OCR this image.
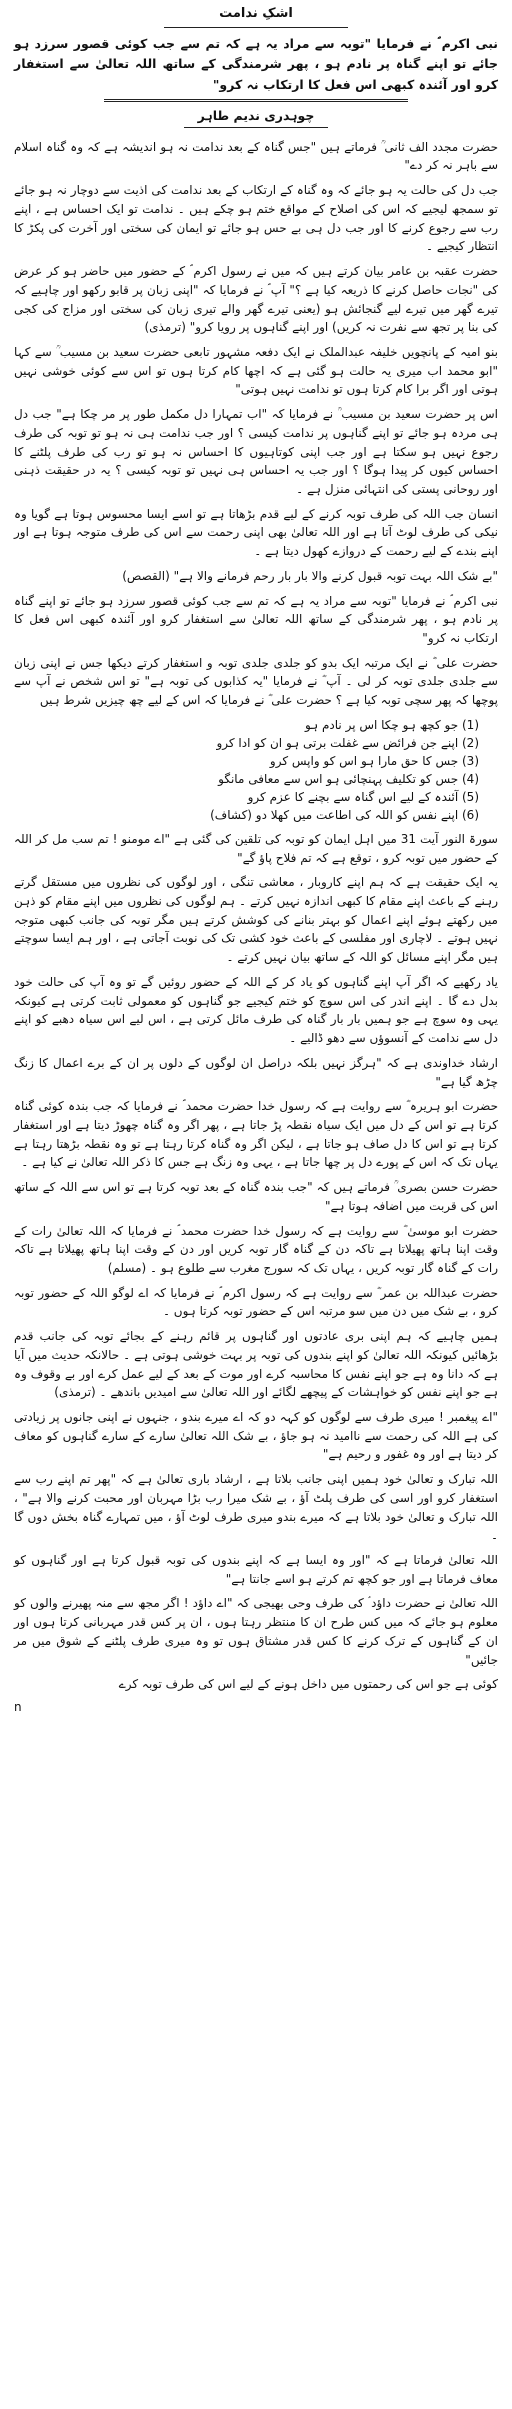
اشکِ ندامت

نبی اکرم ؐ نے فرمایا "توبہ سے مراد یہ ہے کہ تم سے جب کوئی قصور سرزد ہو جائے تو اپنے گناہ پر نادم ہو ، پھر شرمندگی کے ساتھ اللہ تعالیٰ سے استغفار کرو اور آئندہ کبھی اس فعل کا ارتکاب نہ کرو"

چوہدری ندیم طاہر

حضرت مجدد الف ثانی ؒ فرماتے ہیں "جس گناہ کے بعد ندامت نہ ہو اندیشہ ہے کہ وہ گناہ اسلام سے باہر نہ کر دے"

جب دل کی حالت یہ ہو جائے کہ وہ گناہ کے ارتکاب کے بعد ندامت کی اذیت سے دوچار نہ ہو جائے تو سمجھ لیجیے کہ اس کی اصلاح کے مواقع ختم ہو چکے ہیں ۔ ندامت تو ایک احساس ہے ، اپنے رب سے رجوع کرنے کا اور جب دل ہی بے حس ہو جائے تو ایمان کی سختی اور آخرت کی پکڑ کا انتظار کیجیے ۔

حضرت عقبہ بن عامر بیان کرتے ہیں کہ میں نے رسول اکرم ؐ کے حضور میں حاضر ہو کر عرض کی "نجات حاصل کرنے کا ذریعہ کیا ہے ؟" آپ ؐ نے فرمایا کہ "اپنی زبان پر قابو رکھو اور چاہیے کہ تیرے گھر میں تیرے لیے گنجائش ہو (یعنی تیرے گھر والے تیری زبان کی سختی اور مزاج کی کجی کی بنا پر تجھ سے نفرت نہ کریں) اور اپنے گناہوں پر رویا کرو" (ترمذی)

بنو امیہ کے پانچویں خلیفہ عبدالملک نے ایک دفعہ مشہور تابعی حضرت سعید بن مسیب ؒ سے کہا "ابو محمد اب میری یہ حالت ہو گئی ہے کہ اچھا کام کرتا ہوں تو اس سے کوئی خوشی نہیں ہوتی اور اگر برا کام کرتا ہوں تو ندامت نہیں ہوتی"

اس پر حضرت سعید بن مسیب ؒ نے فرمایا کہ "اب تمہارا دل مکمل طور پر مر چکا ہے" جب دل ہی مردہ ہو جائے تو اپنے گناہوں پر ندامت کیسی ؟ اور جب ندامت ہی نہ ہو تو توبہ کی طرف رجوع نہیں ہو سکتا ہے اور جب اپنی کوتاہیوں کا احساس نہ ہو تو رب کی طرف پلٹنے کا احساس کیوں کر پیدا ہوگا ؟ اور جب یہ احساس ہی نہیں تو توبہ کیسی ؟ یہ در حقیقت ذہنی اور روحانی پستی کی انتہائی منزل ہے ۔

انسان جب اللہ کی طرف توبہ کرنے کے لیے قدم بڑھاتا ہے تو اسے ایسا محسوس ہوتا ہے گویا وہ نیکی کی طرف لوٹ آتا ہے اور اللہ تعالیٰ بھی اپنی رحمت سے اس کی طرف متوجہ ہوتا ہے اور اپنے بندے کے لیے رحمت کے دروازے کھول دیتا ہے ۔

"بے شک اللہ بہت توبہ قبول کرنے والا بار بار رحم فرمانے والا ہے" (القصص)

نبی اکرم ؐ نے فرمایا "توبہ سے مراد یہ ہے کہ تم سے جب کوئی قصور سرزد ہو جائے تو اپنے گناہ پر نادم ہو ، پھر شرمندگی کے ساتھ اللہ تعالیٰ سے استغفار کرو اور آئندہ کبھی اس فعل کا ارتکاب نہ کرو"

حضرت علی ؓ نے ایک مرتبہ ایک بدو کو جلدی جلدی توبہ و استغفار کرتے دیکھا جس نے اپنی زبان سے جلدی جلدی توبہ کر لی ۔ آپ ؓ نے فرمایا "یہ کذابوں کی توبہ ہے" تو اس شخص نے آپ سے پوچھا کہ پھر سچی توبہ کیا ہے ؟ حضرت علی ؓ نے فرمایا کہ اس کے لیے چھ چیزیں شرط ہیں

(1) جو کچھ ہو چکا اس پر نادم ہو
(2) اپنے جن فرائض سے غفلت برتی ہو ان کو ادا کرو
(3) جس کا حق مارا ہو اس کو واپس کرو
(4) جس کو تکلیف پہنچائی ہو اس سے معافی مانگو
(5) آئندہ کے لیے اس گناہ سے بچنے کا عزم کرو
(6) اپنے نفس کو اللہ کی اطاعت میں کھلا دو (کشاف)

سورۃ النور آیت 31 میں اہل ایمان کو توبہ کی تلقین کی گئی ہے "اے مومنو ! تم سب مل کر اللہ کے حضور میں توبہ کرو ، توقع ہے کہ تم فلاح پاؤ گے"

یہ ایک حقیقت ہے کہ ہم اپنے کاروبار ، معاشی تنگی ، اور لوگوں کی نظروں میں مستقل گرتے رہنے کے باعث اپنے مقام کا کبھی اندازہ نہیں کرتے ۔ ہم لوگوں کی نظروں میں اپنے مقام کو ذہن میں رکھتے ہوئے اپنے اعمال کو بہتر بنانے کی کوشش کرتے ہیں مگر توبہ کی جانب کبھی متوجہ نہیں ہوتے ۔ لاچاری اور مفلسی کے باعث خود کشی تک کی نوبت آجاتی ہے ، اور ہم ایسا سوچتے ہیں مگر اپنے مسائل کو اللہ کے ساتھ بیان نہیں کرتے ۔

یاد رکھیے کہ اگر آپ اپنے گناہوں کو یاد کر کے اللہ کے حضور روئیں گے تو وہ آپ کی حالت خود بدل دے گا ۔ اپنے اندر کی اس سوچ کو ختم کیجیے جو گناہوں کو معمولی ثابت کرتی ہے کیونکہ یہی وہ سوچ ہے جو ہمیں بار بار گناہ کی طرف مائل کرتی ہے ، اس لیے اس سیاہ دھبے کو اپنے دل سے ندامت کے آنسوؤں سے دھو ڈالیے ۔

ارشاد خداوندی ہے کہ "ہرگز نہیں بلکہ دراصل ان لوگوں کے دلوں پر ان کے برے اعمال کا زنگ چڑھ گیا ہے"

حضرت ابو ہریرہ ؓ سے روایت ہے کہ رسول خدا حضرت محمد ؐ نے فرمایا کہ جب بندہ کوئی گناہ کرتا ہے تو اس کے دل میں ایک سیاہ نقطہ پڑ جاتا ہے ، پھر اگر وہ گناہ چھوڑ دیتا ہے اور استغفار کرتا ہے تو اس کا دل صاف ہو جاتا ہے ، لیکن اگر وہ گناہ کرتا رہتا ہے تو وہ نقطہ بڑھتا رہتا ہے یہاں تک کہ اس کے پورے دل پر چھا جاتا ہے ، یہی وہ زنگ ہے جس کا ذکر اللہ تعالیٰ نے کیا ہے ۔

حضرت حسن بصری ؒ فرماتے ہیں کہ "جب بندہ گناہ کے بعد توبہ کرتا ہے تو اس سے اللہ کے ساتھ اس کی قربت میں اضافہ ہوتا ہے"

حضرت ابو موسیٰ ؓ سے روایت ہے کہ رسول خدا حضرت محمد ؐ نے فرمایا کہ اللہ تعالیٰ رات کے وقت اپنا ہاتھ پھیلاتا ہے تاکہ دن کے گناہ گار توبہ کریں اور دن کے وقت اپنا ہاتھ پھیلاتا ہے تاکہ رات کے گناہ گار توبہ کریں ، یہاں تک کہ سورج مغرب سے طلوع ہو ۔ (مسلم)

حضرت عبداللہ بن عمر ؓ سے روایت ہے کہ رسول اکرم ؐ نے فرمایا کہ اے لوگو اللہ کے حضور توبہ کرو ، بے شک میں دن میں سو مرتبہ اس کے حضور توبہ کرتا ہوں ۔

ہمیں چاہیے کہ ہم اپنی بری عادتوں اور گناہوں پر قائم رہنے کے بجائے توبہ کی جانب قدم بڑھائیں کیونکہ اللہ تعالیٰ کو اپنے بندوں کی توبہ پر بہت خوشی ہوتی ہے ۔ حالانکہ حدیث میں آیا ہے کہ دانا وہ ہے جو اپنے نفس کا محاسبہ کرے اور موت کے بعد کے لیے عمل کرے اور بے وقوف وہ ہے جو اپنے نفس کو خواہشات کے پیچھے لگائے اور اللہ تعالیٰ سے امیدیں باندھے ۔ (ترمذی)

"اے پیغمبر ! میری طرف سے لوگوں کو کہہ دو کہ اے میرے بندو ، جنہوں نے اپنی جانوں پر زیادتی کی ہے اللہ کی رحمت سے ناامید نہ ہو جاؤ ، بے شک اللہ تعالیٰ سارے کے سارے گناہوں کو معاف کر دیتا ہے اور وہ غفور و رحیم ہے"

اللہ تبارک و تعالیٰ خود ہمیں اپنی جانب بلاتا ہے ، ارشاد باری تعالیٰ ہے کہ "پھر تم اپنے رب سے استغفار کرو اور اسی کی طرف پلٹ آؤ ، بے شک میرا رب بڑا مہربان اور محبت کرنے والا ہے" ، اللہ تبارک و تعالیٰ خود بلاتا ہے کہ میرے بندو میری طرف لوٹ آؤ ، میں تمہارے گناہ بخش دوں گا ۔

اللہ تعالیٰ فرماتا ہے کہ "اور وہ ایسا ہے کہ اپنے بندوں کی توبہ قبول کرتا ہے اور گناہوں کو معاف فرماتا ہے اور جو کچھ تم کرتے ہو اسے جانتا ہے"

اللہ تعالیٰ نے حضرت داؤد ؑ کی طرف وحی بھیجی کہ "اے داؤد ! اگر مجھ سے منہ پھیرنے والوں کو معلوم ہو جائے کہ میں کس طرح ان کا منتظر رہتا ہوں ، ان پر کس قدر مہربانی کرتا ہوں اور ان کے گناہوں کے ترک کرنے کا کس قدر مشتاق ہوں تو وہ میری طرف پلٹنے کے شوق میں مر جائیں"

کوئی ہے جو اس کی رحمتوں میں داخل ہونے کے لیے اس کی طرف توبہ کرے

n
